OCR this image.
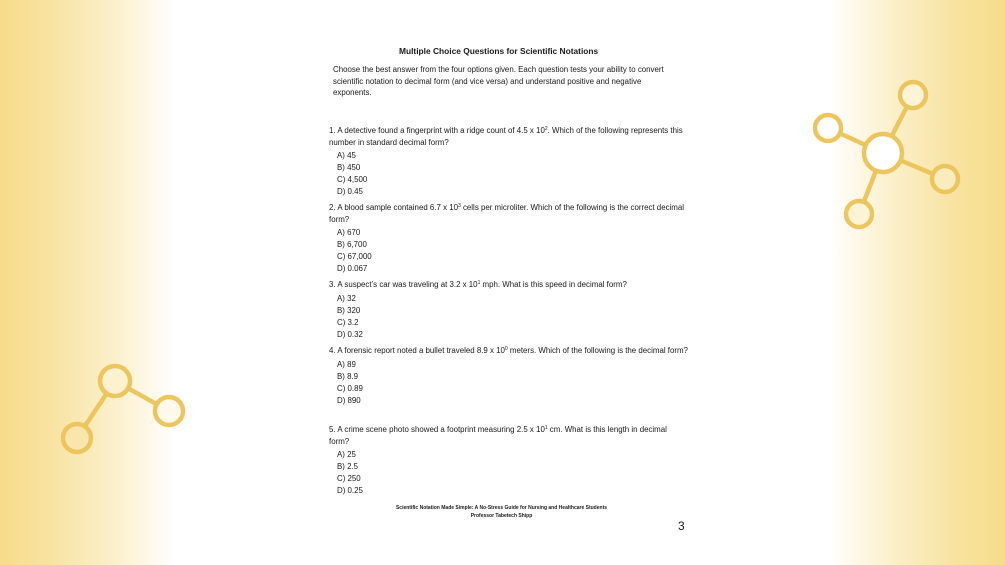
Multiple Choice Questions for Scientific Notations
Choose the best answer from the four options given. Each question tests your ability to convert scientific notation to decimal form (and vice versa) and understand positive and negative exponents.
1. A detective found a fingerprint with a ridge count of 4.5 x $10^2$. Which of the following represents this number in standard decimal form?
A) 45
B) 450
C) 4,500
D) 0.45
2. A blood sample contained 6.7 x $10^3$ cells per microliter. Which of the following is the correct decimal form?
A) 670
B) 6,700
C) 67,000
D) 0.067
3. A suspect’s car was traveling at 3.2 x $10^1$ mph. What is this speed in decimal form?
A) 32
B) 320
C) 3.2
D) 0.32
4. A forensic report noted a bullet traveled 8.9 x $10^0$ meters. Which of the following is the decimal form?
A) 89
B) 8.9
C) 0.89
D) 890
5. A crime scene photo showed a footprint measuring 2.5 x $10^1$ cm. What is this length in decimal form?
A) 25
B) 2.5
C) 250
D) 0.25
Scientific Notation Made Simple: A No-Stress Guide for Nursing and Healthcare Students
Professor Tabetech Shipp
3
